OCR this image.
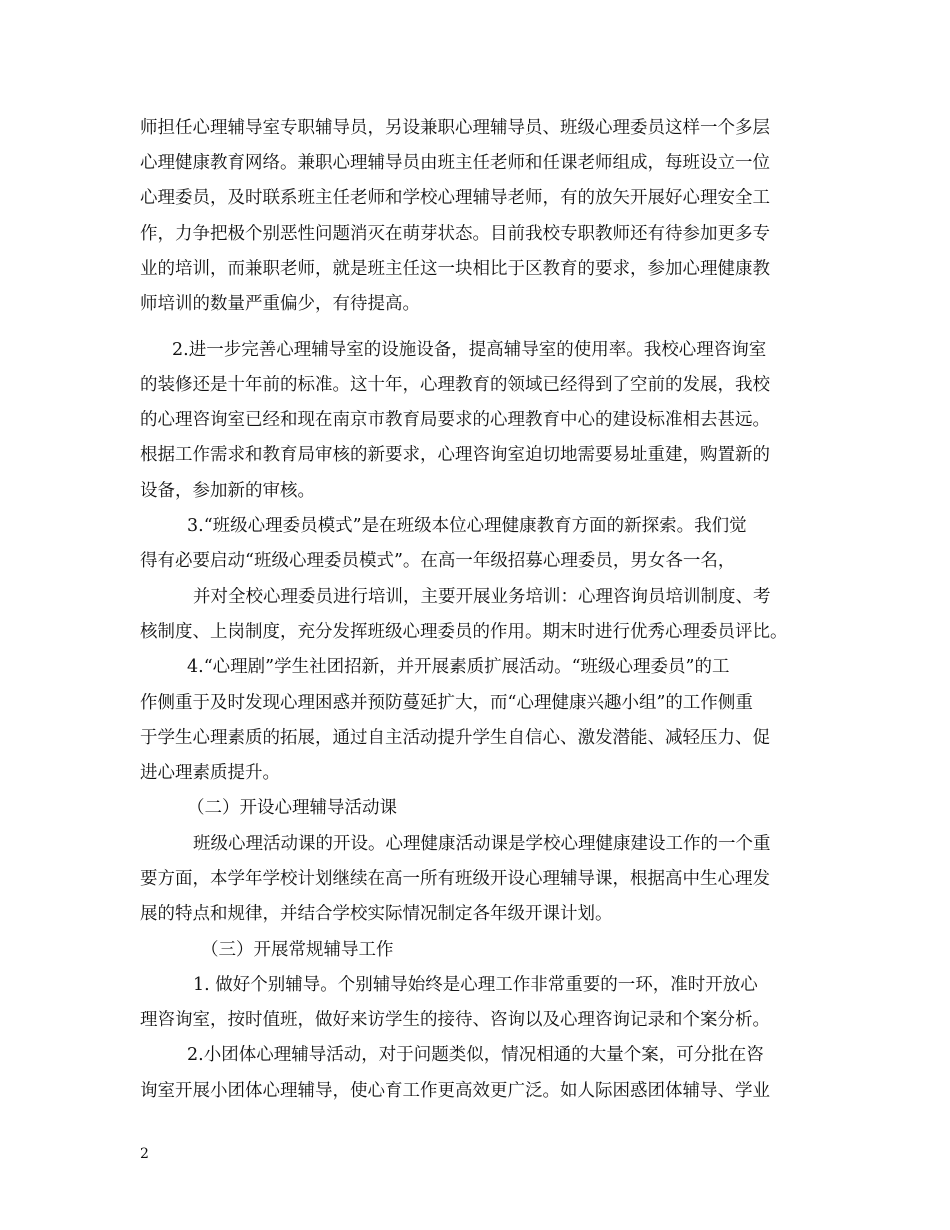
师担任心理辅导室专职辅导员，另设兼职心理辅导员、班级心理委员这样一个多层
心理健康教育网络。兼职心理辅导员由班主任老师和任课老师组成，每班设立一位
心理委员，及时联系班主任老师和学校心理辅导老师，有的放矢开展好心理安全工
作，力争把极个别恶性问题消灭在萌芽状态。目前我校专职教师还有待参加更多专
业的培训，而兼职老师，就是班主任这一块相比于区教育的要求，参加心理健康教
师培训的数量严重偏少，有待提高。
2.进一步完善心理辅导室的设施设备，提高辅导室的使用率。我校心理咨询室
的装修还是十年前的标准。这十年，心理教育的领域已经得到了空前的发展，我校
的心理咨询室已经和现在南京市教育局要求的心理教育中心的建设标准相去甚远。
根据工作需求和教育局审核的新要求，心理咨询室迫切地需要易址重建，购置新的
设备，参加新的审核。
3.“班级心理委员模式”是在班级本位心理健康教育方面的新探索。我们觉
得有必要启动“班级心理委员模式”。在高一年级招募心理委员，男女各一名，
并对全校心理委员进行培训，主要开展业务培训：心理咨询员培训制度、考
核制度、上岗制度，充分发挥班级心理委员的作用。期末时进行优秀心理委员评比。
4.“心理剧”学生社团招新，并开展素质扩展活动。“班级心理委员”的工
作侧重于及时发现心理困惑并预防蔓延扩大，而“心理健康兴趣小组”的工作侧重
于学生心理素质的拓展，通过自主活动提升学生自信心、激发潜能、减轻压力、促
进心理素质提升。
（二）开设心理辅导活动课
班级心理活动课的开设。心理健康活动课是学校心理健康建设工作的一个重
要方面，本学年学校计划继续在高一所有班级开设心理辅导课，根据高中生心理发
展的特点和规律，并结合学校实际情况制定各年级开课计划。
（三）开展常规辅导工作
1. 做好个别辅导。个别辅导始终是心理工作非常重要的一环，准时开放心
理咨询室，按时值班，做好来访学生的接待、咨询以及心理咨询记录和个案分析。
2.小团体心理辅导活动，对于问题类似，情况相通的大量个案，可分批在咨
询室开展小团体心理辅导，使心育工作更高效更广泛。如人际困惑团体辅导、学业
2
